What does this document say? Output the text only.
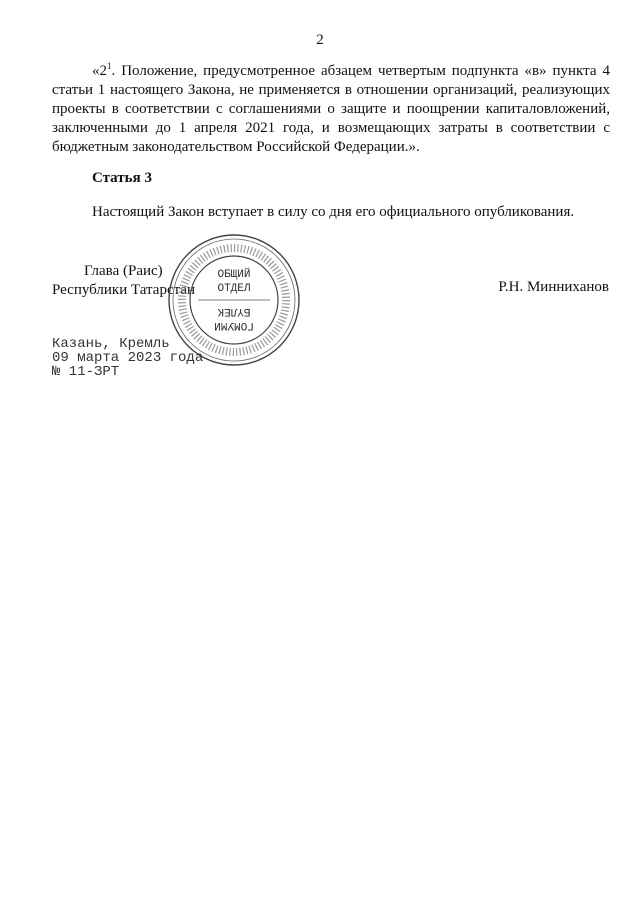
2

«$2^1$. Положение, предусмотренное абзацем четвертым подпункта «в» пункта 4 статьи 1 настоящего Закона, не применяется в отношении организаций, реализующих проекты в соответствии с соглашениями о защите и поощрении капиталовложений, заключенными до 1 апреля 2021 года, и возмещающих затраты в соответствии с бюджетным законодательством Российской Федерации.».

Статья 3
Настоящий Закон вступает в силу со дня его официального опубликования.
Глава (Раис)
Республики Татарстан	Р.Н. Минниханов
ОБЩИЙ
ОТДЕЛ
БҮЛЕК
ГОМУМИ
Казань, Кремль
09 марта 2023 года
№ 11-ЗРТ
